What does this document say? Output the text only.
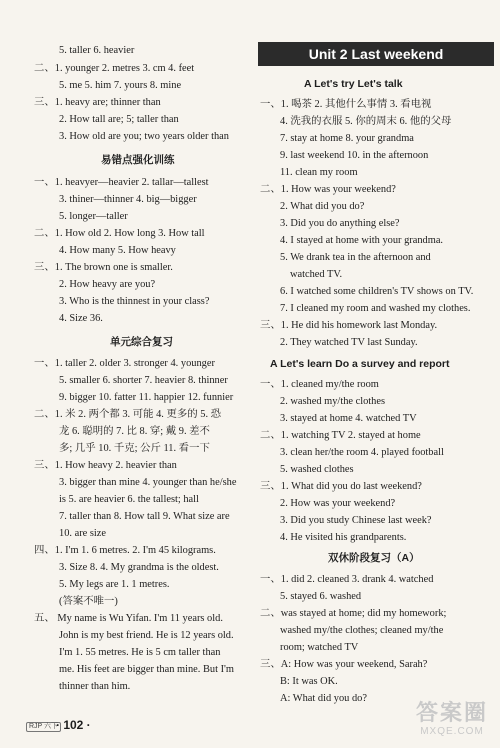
5. taller 6. heavier
二、1. younger 2. metres 3. cm 4. feet
5. me 5. him 7. yours 8. mine
三、1. heavy are; thinner than
2. How tall are; 5; taller than
3. How old are you; two years older than
易错点强化训练
一、1. heavyer—heavier 2. tallar—tallest
3. thiner—thinner 4. big—bigger
5. longer—taller
二、1. How old 2. How long 3. How tall
4. How many 5. How heavy
三、1. The brown one is smaller.
2. How heavy are you?
3. Who is the thinnest in your class?
4. Size 36.
单元综合复习
一、1. taller 2. older 3. stronger 4. younger
5. smaller 6. shorter 7. heavier 8. thinner
9. bigger 10. fatter 11. happier 12. funnier
二、1. 米 2. 两个都 3. 可能 4. 更多的 5. 恐
龙 6. 聪明的 7. 比 8. 穿; 戴 9. 差不
多; 几乎 10. 千克; 公斤 11. 看一下
三、1. How heavy 2. heavier than
3. bigger than mine 4. younger than he/she
is 5. are heavier 6. the tallest; hall
7. taller than 8. How tall 9. What size are
10. are size
四、1. I'm 1. 6 metres. 2. I'm 45 kilograms.
3. Size 8. 4. My grandma is the oldest.
5. My legs are 1. 1 metres.
(答案不唯一)
五、 My name is Wu Yifan. I'm 11 years old.
John is my best friend. He is 12 years old.
I'm 1. 55 metres. He is 5 cm taller than
me. His feet are bigger than mine. But I'm
thinner than him.
RJP 六下
· 102 ·
Unit 2 Last weekend
A Let's try Let's talk
一、1. 喝茶 2. 其他什么事情 3. 看电视
4. 洗我的衣服 5. 你的周末 6. 他的父母
7. stay at home 8. your grandma
9. last weekend 10. in the afternoon
11. clean my room
二、1. How was your weekend?
2. What did you do?
3. Did you do anything else?
4. I stayed at home with your grandma.
5. We drank tea in the afternoon and
watched TV.
6. I watched some children's TV shows on TV.
7. I cleaned my room and washed my clothes.
三、1. He did his homework last Monday.
2. They watched TV last Sunday.
A Let's learn Do a survey and report
一、1. cleaned my/the room
2. washed my/the clothes
3. stayed at home 4. watched TV
二、1. watching TV 2. stayed at home
3. clean her/the room 4. played football
5. washed clothes
三、1. What did you do last weekend?
2. How was your weekend?
3. Did you study Chinese last week?
4. He visited his grandparents.
双休阶段复习（A）
一、1. did 2. cleaned 3. drank 4. watched
5. stayed 6. washed
二、was stayed at home; did my homework;
washed my/the clothes; cleaned my/the
room; watched TV
三、A: How was your weekend, Sarah?
B: It was OK.
A: What did you do?
答案圈
MXQE.COM
